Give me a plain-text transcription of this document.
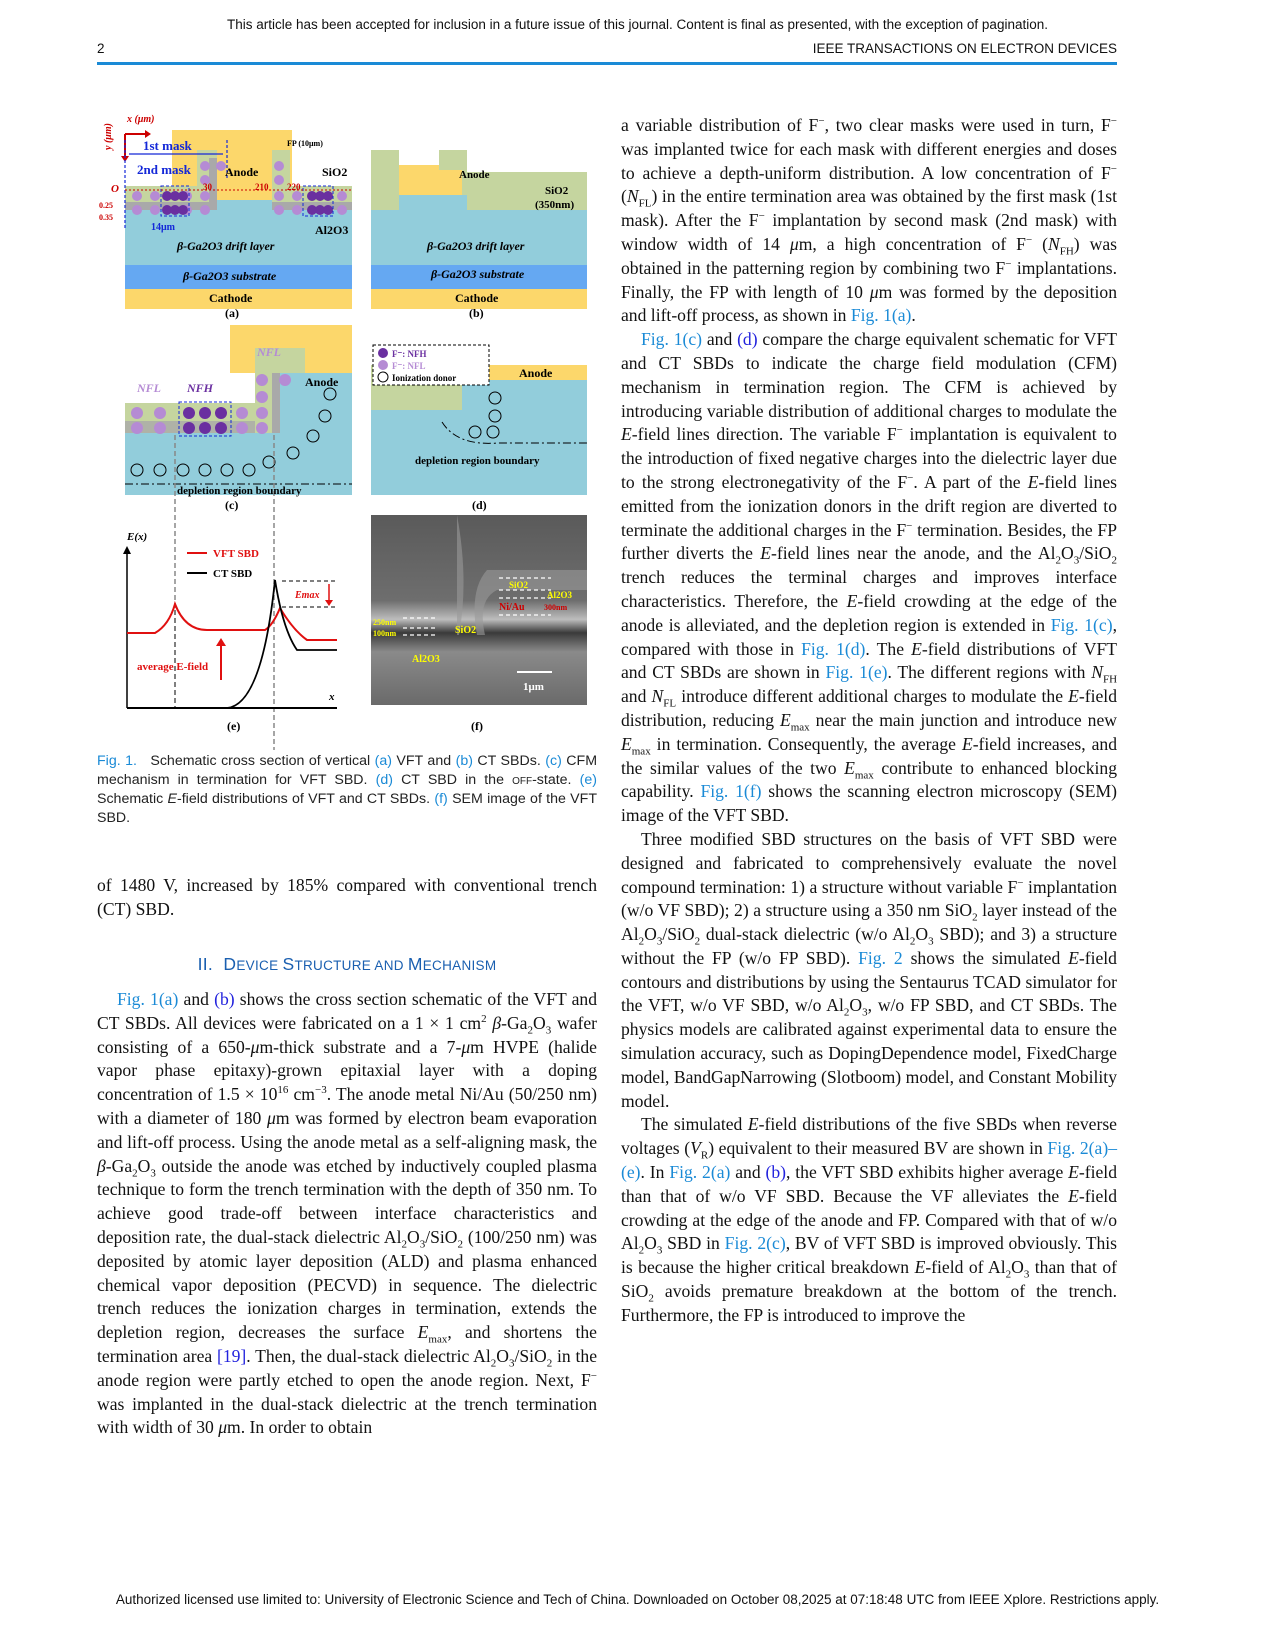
This article has been accepted for inclusion in a future issue of this journal. Content is final as presented, with the exception of pagination.
2	IEEE TRANSACTIONS ON ELECTRON DEVICES
x (μm)
y (μm) 1st mask
2nd mask
14μm
O
0.25
0.35
30	210 220
FP (10μm)
Anode	SiO2
Al2O3
β-Ga2O3 drift layer
β-Ga2O3 substrate
Cathode
(a)
Anode
SiO2
(350nm)
β-Ga2O3 drift layer
β-Ga2O3 substrate
Cathode
(b)
NFL NFH
NFL
Anode
depletion region boundary
(c)
F⁻: NFH
F⁻: NFL
Ionization donor	Anode
depletion region boundary
(d)
E(x)
x
VFT SBD
CT SBD
Emax
average E-field
(e)
SiO2
Al2O3
Ni/Au 300nm
250nm
100nm	SiO2
Al2O3
1μm
(f)
Fig. 1. Schematic cross section of vertical (a) VFT and (b) CT SBDs. (c) CFM mechanism in termination for VFT SBD. (d) CT SBD in the off-state. (e) Schematic E-field distributions of VFT and CT SBDs. (f) SEM image of the VFT SBD.

of 1480 V, increased by 185% compared with conventional trench (CT) SBD.

II. DEVICE STRUCTURE AND MECHANISM

Fig. 1(a) and (b) shows the cross section schematic of the VFT and CT SBDs. All devices were fabricated on a 1 × 1 $cm^2$ $\beta-Ga_2O_3$ wafer consisting of a 650-μm-thick substrate and a 7-μm HVPE (halide vapor phase epitaxy)-grown epitaxial layer with a doping concentration of $1.5 \times 10^{16}$ $cm^{-3}$. The anode metal Ni/Au (50/250 nm) with a diameter of 180 μm was formed by electron beam evaporation and lift-off process. Using the anode metal as a self-aligning mask, the $\beta-Ga_2O_3$ outside the anode was etched by inductively coupled plasma technique to form the trench termination with the depth of 350 nm. To achieve good trade-off between interface characteristics and deposition rate, the dual-stack dielectric $Al_2O_3/SiO_2$ (100/250 nm) was deposited by atomic layer deposition (ALD) and plasma enhanced chemical vapor deposition (PECVD) in sequence. The dielectric trench reduces the ionization charges in termination, extends the depletion region, decreases the surface $E_{max}$, and shortens the termination area [19]. Then, the dual-stack dielectric $Al_2O_3/SiO_2$ in the anode region were partly etched to open the anode region. Next, F− was implanted in the dual-stack dielectric at the trench termination with width of 30 μm. In order to obtain

a variable distribution of F−, two clear masks were used in turn, F− was implanted twice for each mask with different energies and doses to achieve a depth-uniform distribution. A low concentration of F− $(N_{FL})$ in the entire termination area was obtained by the first mask (1st mask). After the F− implantation by second mask (2nd mask) with window width of 14 μm, a high concentration of F− $(N_{FH})$ was obtained in the patterning region by combining two F− implantations. Finally, the FP with length of 10 μm was formed by the deposition and lift-off process, as shown in Fig. 1(a).

Fig. 1(c) and (d) compare the charge equivalent schematic for VFT and CT SBDs to indicate the charge field modulation (CFM) mechanism in termination region. The CFM is achieved by introducing variable distribution of additional charges to modulate the E-field lines direction. The variable F− implantation is equivalent to the introduction of fixed negative charges into the dielectric layer due to the strong electronegativity of the F−. A part of the E-field lines emitted from the ionization donors in the drift region are diverted to terminate the additional charges in the F− termination. Besides, the FP further diverts the E-field lines near the anode, and the $Al_2O_3/SiO_2$ trench reduces the terminal charges and improves interface characteristics. Therefore, the E-field crowding at the edge of the anode is alleviated, and the depletion region is extended in Fig. 1(c), compared with those in Fig. 1(d). The E-field distributions of VFT and CT SBDs are shown in Fig. 1(e). The different regions with $N_{FH}$ and $N_{FL}$ introduce different additional charges to modulate the E-field distribution, reducing $E_{max}$ near the main junction and introduce new $E_{max}$ in termination. Consequently, the average E-field increases, and the similar values of the two $E_{max}$ contribute to enhanced blocking capability. Fig. 1(f) shows the scanning electron microscopy (SEM) image of the VFT SBD.

Three modified SBD structures on the basis of VFT SBD were designed and fabricated to comprehensively evaluate the novel compound termination: 1) a structure without variable F− implantation (w/o VF SBD); 2) a structure using a 350 nm SiO$_2$ layer instead of the $Al_2O_3/SiO_2$ dual-stack dielectric (w/o $Al_2O_3$ SBD); and 3) a structure without the FP (w/o FP SBD). Fig. 2 shows the simulated E-field contours and distributions by using the Sentaurus TCAD simulator for the VFT, w/o VF SBD, w/o $Al_2O_3$, w/o FP SBD, and CT SBDs. The physics models are calibrated against experimental data to ensure the simulation accuracy, such as DopingDependence model, FixedCharge model, BandGapNarrowing (Slotboom) model, and Constant Mobility model.

The simulated E-field distributions of the five SBDs when reverse voltages $(V_R)$ equivalent to their measured BV are shown in Fig. 2(a)–(e). In Fig. 2(a) and (b), the VFT SBD exhibits higher average E-field than that of w/o VF SBD. Because the VF alleviates the E-field crowding at the edge of the anode and FP. Compared with that of w/o $Al_2O_3$ SBD in Fig. 2(c), BV of VFT SBD is improved obviously. This is because the higher critical breakdown E-field of $Al_2O_3$ than that of SiO$_2$ avoids premature breakdown at the bottom of the trench. Furthermore, the FP is introduced to improve the

Authorized licensed use limited to: University of Electronic Science and Tech of China. Downloaded on October 08,2025 at 07:18:48 UTC from IEEE Xplore. Restrictions apply.
